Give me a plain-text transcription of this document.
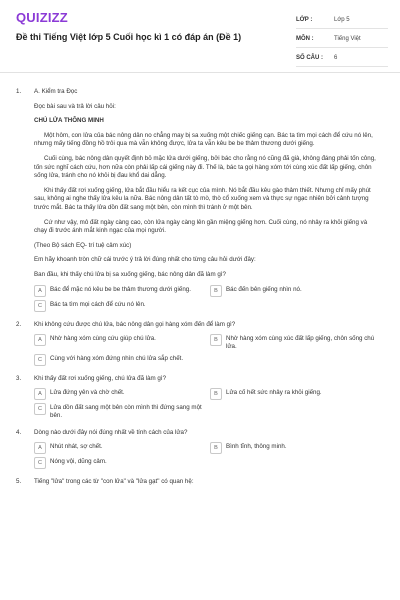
QUIZIZZ
Đề thi Tiếng Việt lớp 5 Cuối học kì 1 có đáp án (Đề 1)
LỚP :	Lớp 5
MÔN :	Tiếng Việt
SỐ CÂU :	6
1.	A. Kiểm tra Đọc
Đọc bài sau và trả lời câu hỏi:
CHÚ LỬA THÔNG MINH
Một hôm, con lửa của bác nông dân no chẳng may bị sa xuống một chiếc giếng cạn. Bác ta tìm mọi cách để cứu nó lên, nhưng mấy tiếng đồng hồ trôi qua mà vẫn không được, lửa ta vẫn kêu be be thảm thương dưới giếng.
Cuối cùng, bác nông dân quyết định bỏ mặc lửa dưới giếng, bởi bác cho rằng nó cũng đã già, không đáng phải tốn công, tốn sức nghĩ cách cứu, hơn nữa còn phải lấp cái giếng này đi. Thế là, bác ta gọi hàng xóm tới cùng xúc đất lấp giếng, chôn sống lửa, tránh cho nó khỏi bị đau khổ dai dẳng.
Khi thấy đất rơi xuống giếng, lửa bắt đầu hiểu ra kết cục của mình. Nó bắt đầu kêu gào thảm thiết. Nhưng chỉ mấy phút sau, không ai nghe thấy lửa kêu la nữa. Bác nông dân tất tò mò, thò cổ xuống xem và thực sự ngạc nhiên bởi cảnh tượng trước mắt. Bác ta thấy lửa dồn đất sang một bên, còn mình thì tránh ở một bên.
Cứ như vậy, mô đất ngày càng cao, còn lửa ngày càng lên gần miệng giếng hơn. Cuối cùng, nó nhảy ra khỏi giếng và chạy đi trước ánh mắt kinh ngạc của mọi người.
(Theo Bộ sách EQ- trí tuệ cảm xúc)
Em hãy khoanh tròn chữ cái trước ý trả lời đúng nhất cho từng câu hỏi dưới đây:
Ban đầu, khi thấy chú lửa bị sa xuống giếng, bác nông dân đã làm gì?
A	Bác để mặc nó kêu be be thảm thương dưới giếng.	B	Bác đến bên giếng nhìn nó.
C	Bác ta tìm mọi cách để cứu nó lên.
2.	Khi không cứu được chú lửa, bác nông dân gọi hàng xóm đến để làm gì?
A	Nhờ hàng xóm cùng cứu giúp chú lửa.	B	Nhờ hàng xóm cùng xúc đất lấp giếng, chôn sống chú lửa.
C	Cùng với hàng xóm đứng nhìn chú lửa sắp chết.
3.	Khi thấy đất rơi xuống giếng, chú lửa đã làm gì?
A	Lửa đứng yên và chờ chết.	B	Lửa cố hết sức nhảy ra khỏi giếng.
C	Lửa dồn đất sang một bên còn mình thì đứng sang một bên.
4.	Dòng nào dưới đây nói đúng nhất về tính cách của lửa?
A	Nhút nhát, sợ chết.	B	Bình tĩnh, thông minh.
C	Nóng vội, dũng cảm.
5.	Tiếng "lửa" trong các từ "con lửa" và "lửa gạt" có quan hệ:
